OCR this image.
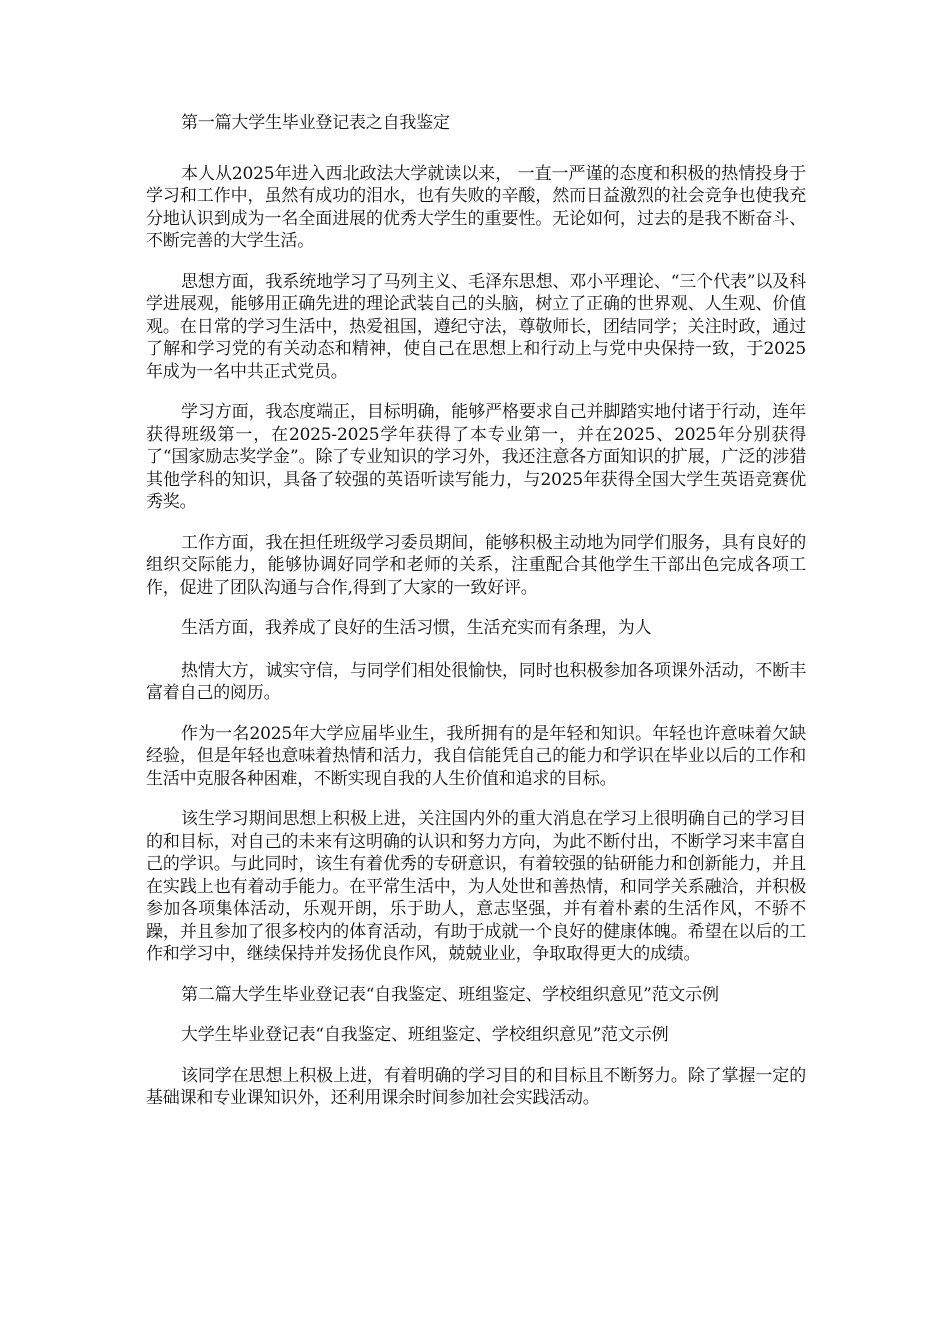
第一篇大学生毕业登记表之自我鉴定

本人从2025年进入西北政法大学就读以来， 一直一严谨的态度和积极的热情投身于学习和工作中，虽然有成功的泪水，也有失败的辛酸，然而日益激烈的社会竞争也使我充分地认识到成为一名全面进展的优秀大学生的重要性。无论如何，过去的是我不断奋斗、不断完善的大学生活。

思想方面，我系统地学习了马列主义、毛泽东思想、邓小平理论、“三个代表”以及科学进展观，能够用正确先进的理论武装自己的头脑，树立了正确的世界观、人生观、价值观。在日常的学习生活中，热爱祖国，遵纪守法，尊敬师长，团结同学；关注时政，通过了解和学习党的有关动态和精神，使自己在思想上和行动上与党中央保持一致，于2025年成为一名中共正式党员。

学习方面，我态度端正，目标明确，能够严格要求自己并脚踏实地付诸于行动，连年获得班级第一，在2025-2025学年获得了本专业第一，并在2025、2025年分别获得了“国家励志奖学金”。除了专业知识的学习外，我还注意各方面知识的扩展，广泛的涉猎其他学科的知识，具备了较强的英语听读写能力，与2025年获得全国大学生英语竞赛优秀奖。

工作方面，我在担任班级学习委员期间，能够积极主动地为同学们服务，具有良好的组织交际能力，能够协调好同学和老师的关系，注重配合其他学生干部出色完成各项工作，促进了团队沟通与合作,得到了大家的一致好评。

生活方面，我养成了良好的生活习惯，生活充实而有条理，为人

热情大方，诚实守信，与同学们相处很愉快，同时也积极参加各项课外活动，不断丰富着自己的阅历。

作为一名2025年大学应届毕业生，我所拥有的是年轻和知识。年轻也许意味着欠缺经验，但是年轻也意味着热情和活力，我自信能凭自己的能力和学识在毕业以后的工作和生活中克服各种困难，不断实现自我的人生价值和追求的目标。

该生学习期间思想上积极上进，关注国内外的重大消息在学习上很明确自己的学习目的和目标，对自己的未来有这明确的认识和努力方向，为此不断付出，不断学习来丰富自己的学识。与此同时，该生有着优秀的专研意识，有着较强的钻研能力和创新能力，并且在实践上也有着动手能力。在平常生活中，为人处世和善热情，和同学关系融洽，并积极参加各项集体活动，乐观开朗，乐于助人，意志坚强，并有着朴素的生活作风，不骄不躁，并且参加了很多校内的体育活动，有助于成就一个良好的健康体魄。希望在以后的工作和学习中，继续保持并发扬优良作风，兢兢业业，争取取得更大的成绩。

第二篇大学生毕业登记表“自我鉴定、班组鉴定、学校组织意见”范文示例

大学生毕业登记表“自我鉴定、班组鉴定、学校组织意见”范文示例

该同学在思想上积极上进，有着明确的学习目的和目标且不断努力。除了掌握一定的基础课和专业课知识外，还利用课余时间参加社会实践活动。
